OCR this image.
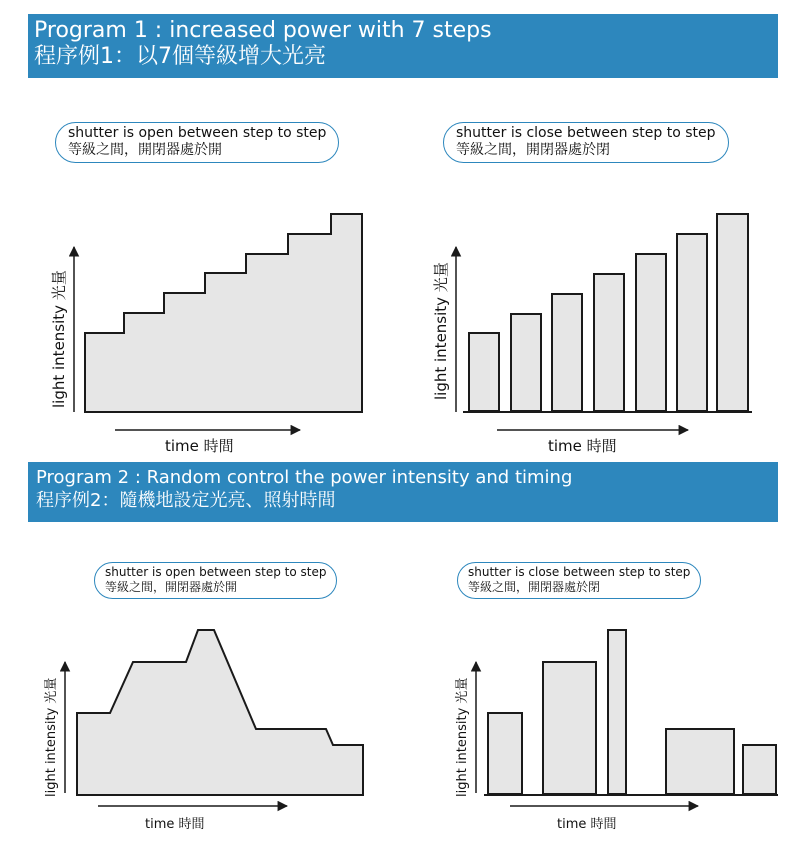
Program 1 : increased power with 7 steps
程序例1：以7個等級增大光亮
Program 2 : Random control the power intensity and timing
程序例2：隨機地設定光亮、照射時間
shutter is open between step to step
等級之間，開閉器處於開
shutter is close between step to step
等級之間，開閉器處於閉
shutter is open between step to step
等級之間，開閉器處於開
shutter is close between step to step
等級之間，開閉器處於閉
light intensity 光量
time 時間
light intensity 光量
time 時間
light intensity 光量
time 時間
light intensity 光量
time 時間
